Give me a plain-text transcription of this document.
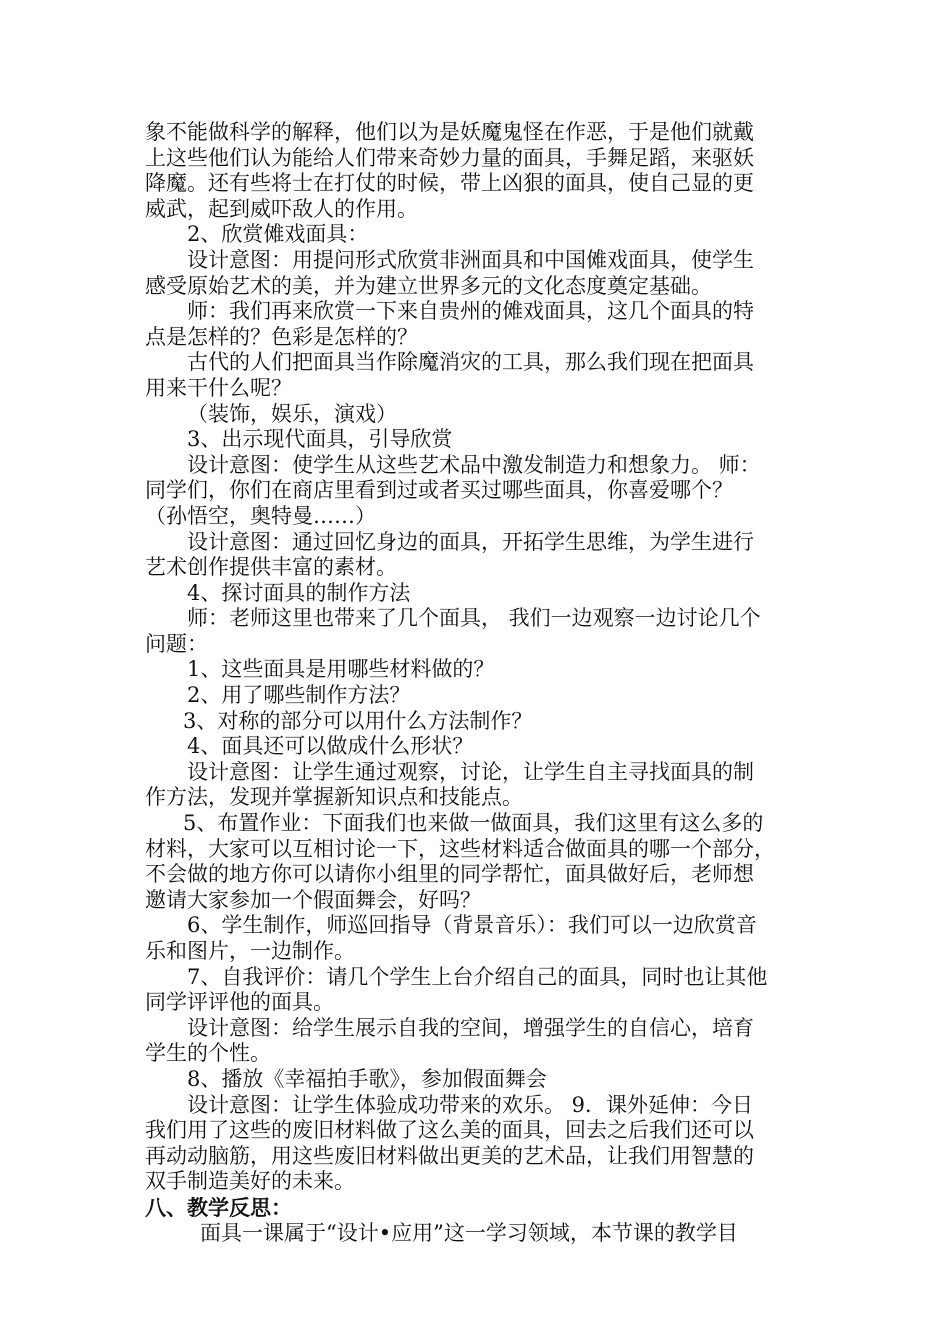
象不能做科学的解释，他们以为是妖魔鬼怪在作恶，于是他们就戴
上这些他们认为能给人们带来奇妙力量的面具，手舞足蹈，来驱妖
降魔。还有些将士在打仗的时候，带上凶狠的面具，使自己显的更
威武，起到威吓敌人的作用。
2、欣赏傩戏面具：
设计意图：用提问形式欣赏非洲面具和中国傩戏面具，使学生
感受原始艺术的美，并为建立世界多元的文化态度奠定基础。
师：我们再来欣赏一下来自贵州的傩戏面具，这几个面具的特
点是怎样的？色彩是怎样的？
古代的人们把面具当作除魔消灾的工具，那么我们现在把面具
用来干什么呢？
（装饰，娱乐，演戏）
3、出示现代面具，引导欣赏
设计意图：使学生从这些艺术品中激发制造力和想象力。 师：
同学们，你们在商店里看到过或者买过哪些面具，你喜爱哪个？
（孙悟空，奥特曼……）
设计意图：通过回忆身边的面具，开拓学生思维，为学生进行
艺术创作提供丰富的素材。
4、探讨面具的制作方法
师：老师这里也带来了几个面具， 我们一边观察一边讨论几个
问题：
1、这些面具是用哪些材料做的？
2、用了哪些制作方法？
3、对称的部分可以用什么方法制作？
4、面具还可以做成什么形状？
设计意图：让学生通过观察，讨论，让学生自主寻找面具的制
作方法，发现并掌握新知识点和技能点。
5、布置作业：下面我们也来做一做面具，我们这里有这么多的
材料，大家可以互相讨论一下，这些材料适合做面具的哪一个部分，
不会做的地方你可以请你小组里的同学帮忙，面具做好后，老师想
邀请大家参加一个假面舞会，好吗？
6、学生制作，师巡回指导（背景音乐）：我们可以一边欣赏音
乐和图片，一边制作。
7、自我评价：请几个学生上台介绍自己的面具，同时也让其他
同学评评他的面具。
设计意图：给学生展示自我的空间，增强学生的自信心，培育
学生的个性。
8、播放《幸福拍手歌》，参加假面舞会
设计意图：让学生体验成功带来的欢乐。 9．课外延伸：今日
我们用了这些的废旧材料做了这么美的面具，回去之后我们还可以
再动动脑筋，用这些废旧材料做出更美的艺术品，让我们用智慧的
双手制造美好的未来。
八、教学反思：
面具一课属于“设计•应用”这一学习领域，本节课的教学目
